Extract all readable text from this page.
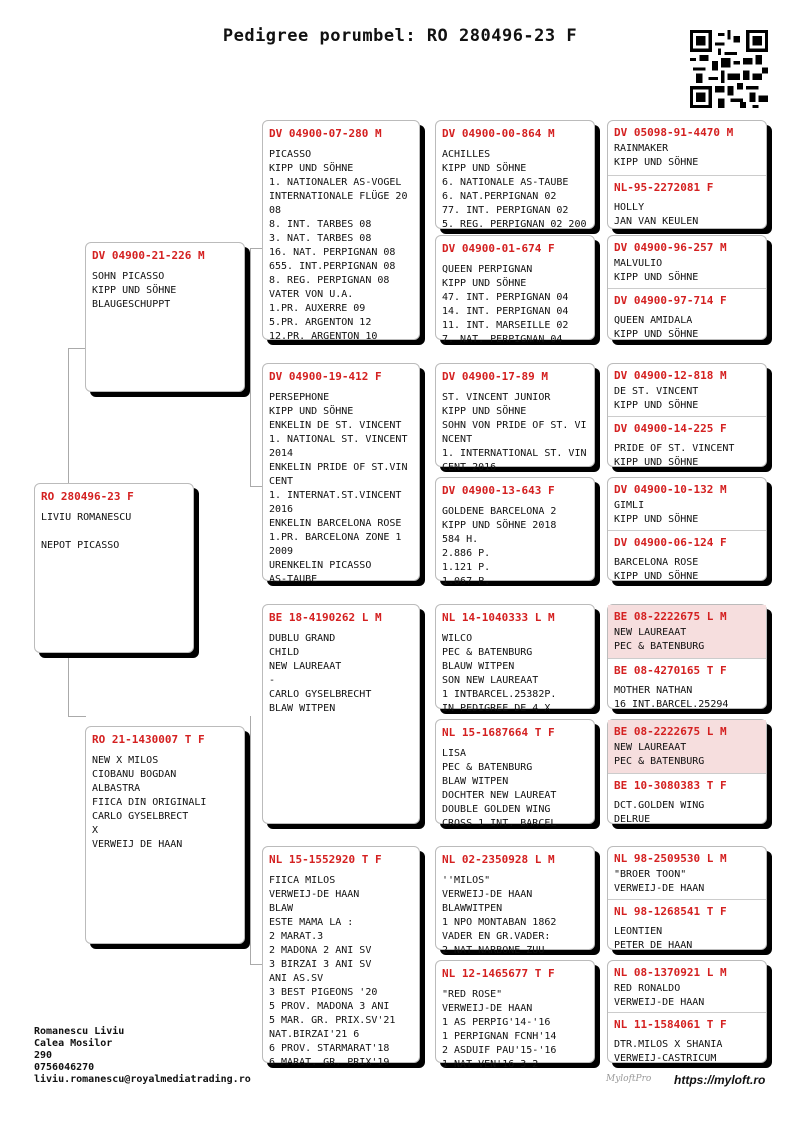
Pedigree porumbel: RO 280496-23 F
RO 280496-23 F
LIVIU ROMANESCU

NEPOT PICASSO
DV 04900-21-226 M
SOHN PICASSO
KIPP UND SÖHNE
BLAUGESCHUPPT
RO 21-1430007 T F
NEW X MILOS
CIOBANU BOGDAN
ALBASTRA
FIICA DIN ORIGINALI
CARLO GYSELBRECT
X
VERWEIJ DE HAAN
DV 04900-07-280 M
PICASSO
KIPP UND SÖHNE
1. NATIONALER AS-VOGEL
INTERNATIONALE FLÜGE 2008
8. INT. TARBES 08
3. NAT. TARBES 08
16. NAT. PERPIGNAN 08
655. INT.PERPIGNAN 08
8. REG. PERPIGNAN 08
VATER VON U.A.
1.PR. AUXERRE 09
5.PR. ARGENTON 12
12.PR. ARGENTON 10
DV 04900-19-412 F
PERSEPHONE
KIPP UND SÖHNE
ENKELIN DE ST. VINCENT
1. NATIONAL ST. VINCENT 2014
ENKELIN PRIDE OF ST.VINCENT
1. INTERNAT.ST.VINCENT 2016
ENKELIN BARCELONA ROSE
1.PR. BARCELONA ZONE 1 2009
URENKELIN PICASSO
AS-TAUBE
BE 18-4190262 L M
DUBLU GRAND
CHILD
NEW LAUREAAT
-
CARLO GYSELBRECHT
BLAW WITPEN
NL 15-1552920 T F
FIICA MILOS
VERWEIJ-DE HAAN
BLAW
ESTE MAMA LA :
2 MARAT.3
2 MADONA 2 ANI SV
3 BIRZAI 3 ANI SV
ANI AS.SV
3 BEST PIGEONS '20
5 PROV. MADONA 3 ANI
5 MAR. GR. PRIX.SV'21
NAT.BIRZAI'21 6
6 PROV. STARMARAT'18
6 MARAT. GR. PRIX'19
DV 04900-00-864 M
ACHILLES
KIPP UND SÖHNE
6. NATIONALE AS-TAUBE
6. NAT.PERPIGNAN 02
77. INT. PERPIGNAN 02
5. REG. PERPIGNAN 02 200
DV 04900-01-674 F
QUEEN PERPIGNAN
KIPP UND SÖHNE
47. INT. PERPIGNAN 04
14. INT. PERPIGNAN 04
11. INT. MARSEILLE 02
7. NAT. PERPIGNAN 04
DV 04900-17-89 M
ST. VINCENT JUNIOR
KIPP UND SÖHNE
SOHN VON PRIDE OF ST. VINCENT
1. INTERNATIONAL ST. VINCENT 2016
DV 04900-13-643 F
GOLDENE BARCELONA 2
KIPP UND SÖHNE 2018
584 H.
2.886 P.
1.121 P.
1.067 P.
NL 14-1040333 L M
WILCO
PEC & BATENBURG
BLAUW WITPEN
SON NEW LAUREAAT
1 INTBARCEL.25382P.
IN PEDIGREE DE 4 X
NL 15-1687664 T F
LISA
PEC & BATENBURG
BLAW WITPEN
DOCHTER NEW LAUREAT
DOUBLE GOLDEN WING
CROSS 1 INT. BARCEL
NL 02-2350928 L M
''MILOS"
VERWEIJ-DE HAAN
BLAWWITPEN
1 NPO MONTABAN 1862
VADER EN GR.VADER:
2 NAT NARBONE ZUU
NL 12-1465677 T F
"RED ROSE"
VERWEIJ-DE HAAN
1 AS PERPIG'14-'16
1 PERPIGNAN FCNH'14
2 ASDUIF PAU'15-'16
1 NAT VEN'16 3 2
DV 05098-91-4470 M
RAINMAKER
KIPP UND SÖHNE
NL-95-2272081 F
HOLLY
JAN VAN KEULEN
DV 04900-96-257 M
MALVULIO
KIPP UND SÖHNE
DV 04900-97-714 F
QUEEN AMIDALA
KIPP UND SÖHNE
DV 04900-12-818 M
DE ST. VINCENT
KIPP UND SÖHNE
DV 04900-14-225 F
PRIDE OF ST. VINCENT
KIPP UND SÖHNE
DV 04900-10-132 M
GIMLI
KIPP UND SÖHNE
DV 04900-06-124 F
BARCELONA ROSE
KIPP UND SÖHNE
BE 08-2222675 L M
NEW LAUREAAT
PEC & BATENBURG
BE 08-4270165 T F
MOTHER NATHAN
16 INT.BARCEL.25294
BE 08-2222675 L M
NEW LAUREAAT
PEC & BATENBURG
BE 10-3080383 T F
DCT.GOLDEN WING
DELRUE
NL 98-2509530 L M
"BROER TOON"
VERWEIJ-DE HAAN
NL 98-1268541 T F
LEONTIEN
PETER DE HAAN
NL 08-1370921 L M
RED RONALDO
VERWEIJ-DE HAAN
NL 11-1584061 T F
DTR.MILOS X SHANIA
VERWEIJ-CASTRICUM
Romanescu Liviu
Calea Mosilor
290
0756046270
liviu.romanescu@royalmediatrading.ro	MyloftPro https://myloft.ro
